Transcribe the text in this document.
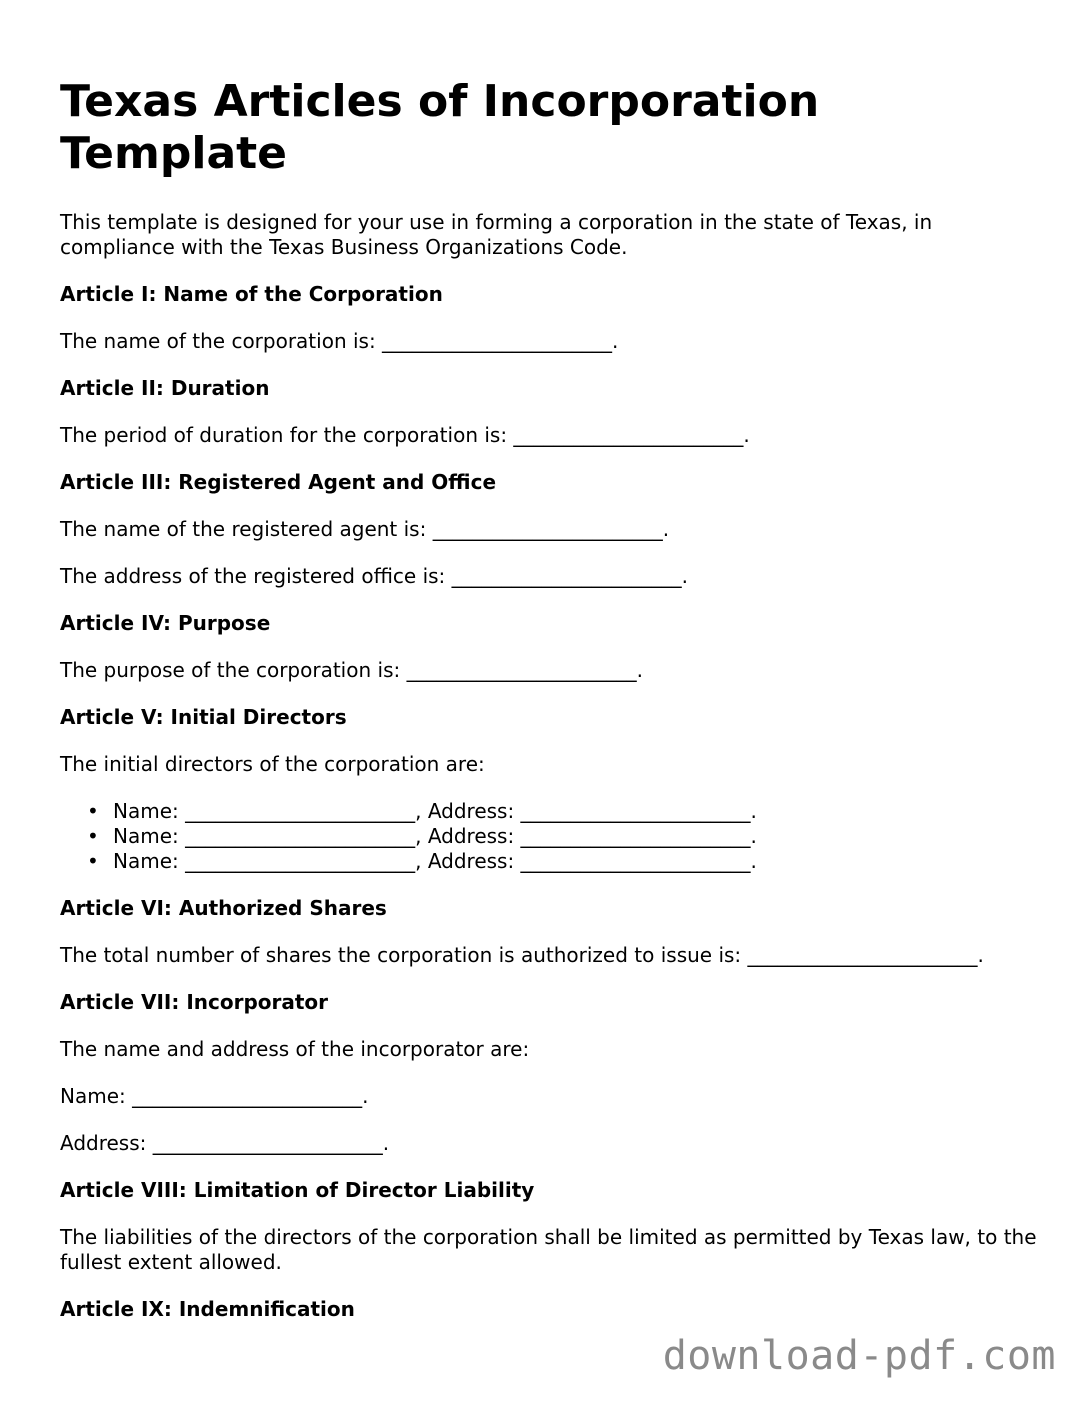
Texas Articles of Incorporation
Template

This template is designed for your use in forming a corporation in the state of Texas, in compliance with the Texas Business Organizations Code.

Article I: Name of the Corporation

The name of the corporation is: _______________________.

Article II: Duration

The period of duration for the corporation is: _______________________.

Article III: Registered Agent and Office

The name of the registered agent is: _______________________.

The address of the registered office is: _______________________.

Article IV: Purpose

The purpose of the corporation is: _______________________.

Article V: Initial Directors

The initial directors of the corporation are:

• Name: _______________________, Address: _______________________.
• Name: _______________________, Address: _______________________.
• Name: _______________________, Address: _______________________.

Article VI: Authorized Shares

The total number of shares the corporation is authorized to issue is: _______________________.

Article VII: Incorporator

The name and address of the incorporator are:

Name: _______________________.

Address: _______________________.

Article VIII: Limitation of Director Liability

The liabilities of the directors of the corporation shall be limited as permitted by Texas law, to the fullest extent allowed.

Article IX: Indemnification

download-pdf.com
